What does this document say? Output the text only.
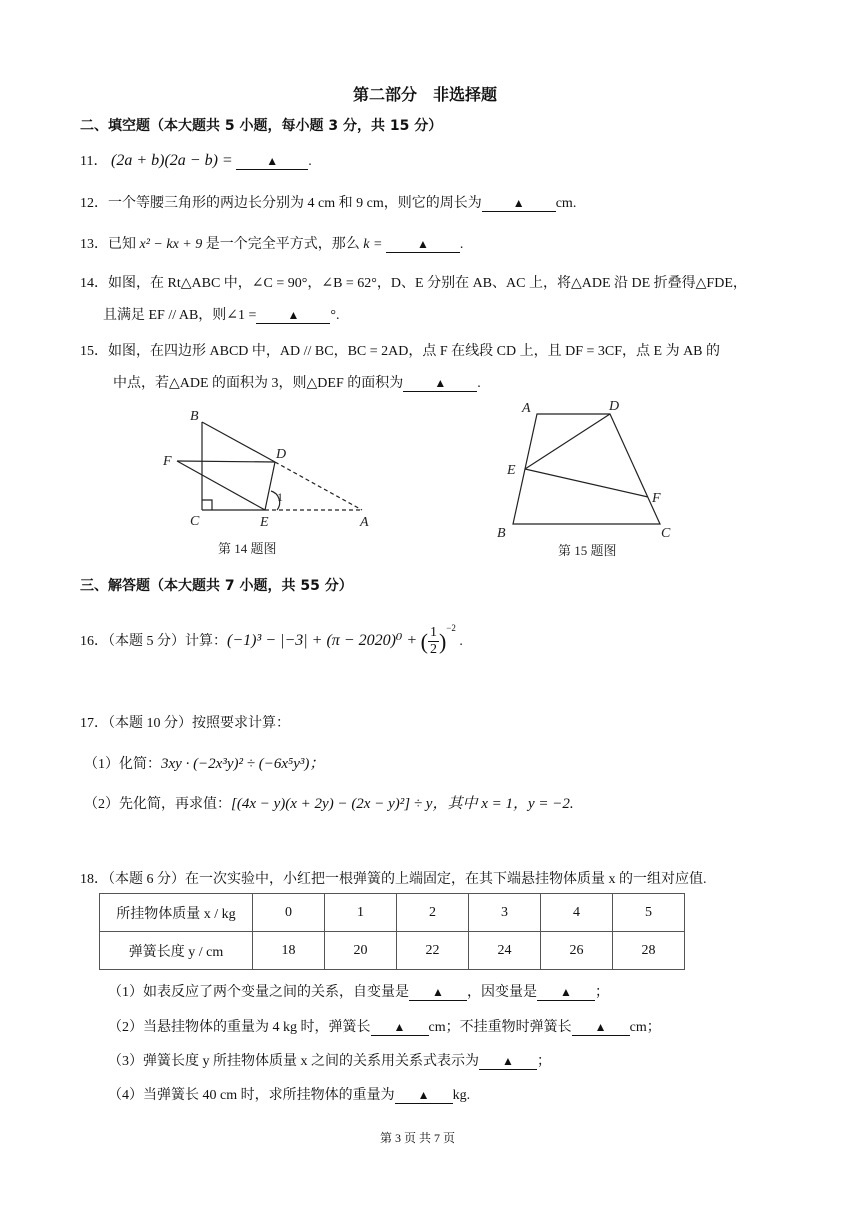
第二部分　非选择题
二、填空题（本大题共 5 小题，每小题 3 分，共 15 分）
11． (2a + b)(2a − b) =	▲ .
12．一个等腰三角形的两边长分别为 4 cm 和 9 cm，则它的周长为	▲ cm.
13．已知 x² − kx + 9 是一个完全平方式，那么 k =	▲ .
14．如图，在 Rt△ABC 中，∠C = 90°，∠B = 62°，D、E 分别在 AB、AC 上，将△ADE 沿 DE 折叠得△FDE，
且满足 EF // AB，则∠1 =	▲ °.
15．如图，在四边形 ABCD 中，AD // BC，BC = 2AD，点 F 在线段 CD 上，且 DF = 3CF，点 E 为 AB 的
中点，若△ADE 的面积为 3，则△DEF 的面积为	▲ .
B
F	D
C	E	A
1
第 14 题图
A	D
E
F
B	C
第 15 题图
三、解答题（本大题共 7 小题，共 55 分）
16．（本题 5 分）计算：(−1)³ − |−3| + (π − 2020)⁰ + ( $\frac{1}{2} )^{-2}$ .
17．（本题 10 分）按照要求计算：
（1）化简：3xy · (−2x³y)² ÷ (−6x⁵y³)；
（2）先化简，再求值：[(4x − y)(x + 2y) − (2x − y)²] ÷ y，其中 x = 1，y = −2.
18．（本题 6 分）在一次实验中，小红把一根弹簧的上端固定，在其下端悬挂物体质量 x 的一组对应值.
所挂物体质量 x / kg	0	1	2	3	4	5
弹簧长度 y / cm	18	20	22	24	26	28
（1）如表反应了两个变量之间的关系，自变量是 ▲ ，因变量是 ▲ ；
（2）当悬挂物体的重量为 4 kg 时，弹簧长 ▲ cm；不挂重物时弹簧长 ▲ cm；
（3）弹簧长度 y 所挂物体质量 x 之间的关系用关系式表示为 ▲ ；
（4）当弹簧长 40 cm 时，求所挂物体的重量为 ▲ kg.
第 3 页 共 7 页
